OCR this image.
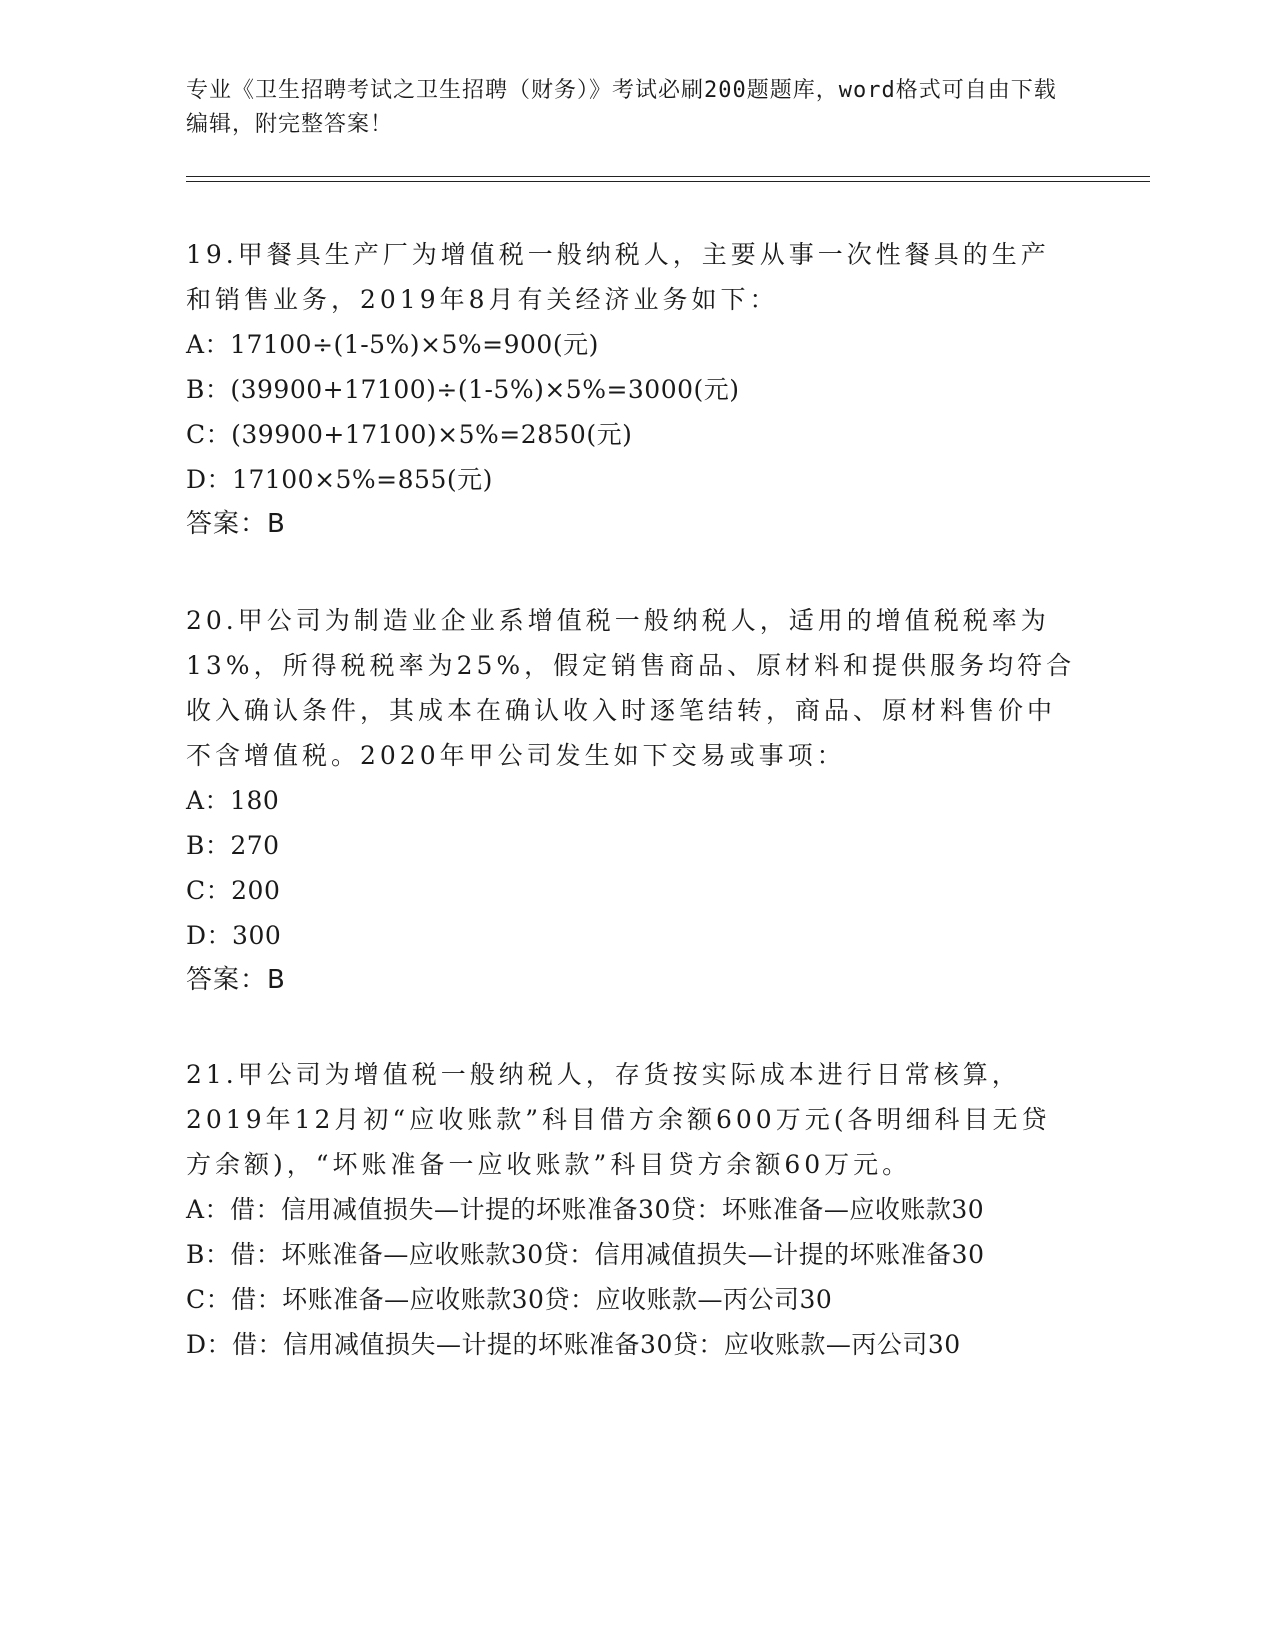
专业《卫生招聘考试之卫生招聘（财务）》考试必刷200题题库，word格式可自由下载编辑，附完整答案！

19.甲餐具生产厂为增值税一般纳税人，主要从事一次性餐具的生产和销售业务，2019年8月有关经济业务如下：

A：17100÷(1-5%)×5%=900(元)

B：(39900+17100)÷(1-5%)×5%=3000(元)

C：(39900+17100)×5%=2850(元)

D：17100×5%=855(元)

答案：B

20.甲公司为制造业企业系增值税一般纳税人，适用的增值税税率为13%，所得税税率为25%，假定销售商品、原材料和提供服务均符合收入确认条件，其成本在确认收入时逐笔结转，商品、原材料售价中不含增值税。2020年甲公司发生如下交易或事项：

A：180

B：270

C：200

D：300

答案：B

21.甲公司为增值税一般纳税人，存货按实际成本进行日常核算，2019年12月初“应收账款”科目借方余额600万元(各明细科目无贷方余额)，“坏账准备一应收账款”科目贷方余额60万元。

A：借：信用减值损失—计提的坏账准备30贷：坏账准备—应收账款30

B：借：坏账准备—应收账款30贷：信用减值损失—计提的坏账准备30

C：借：坏账准备—应收账款30贷：应收账款—丙公司30

D：借：信用减值损失—计提的坏账准备30贷：应收账款—丙公司30
